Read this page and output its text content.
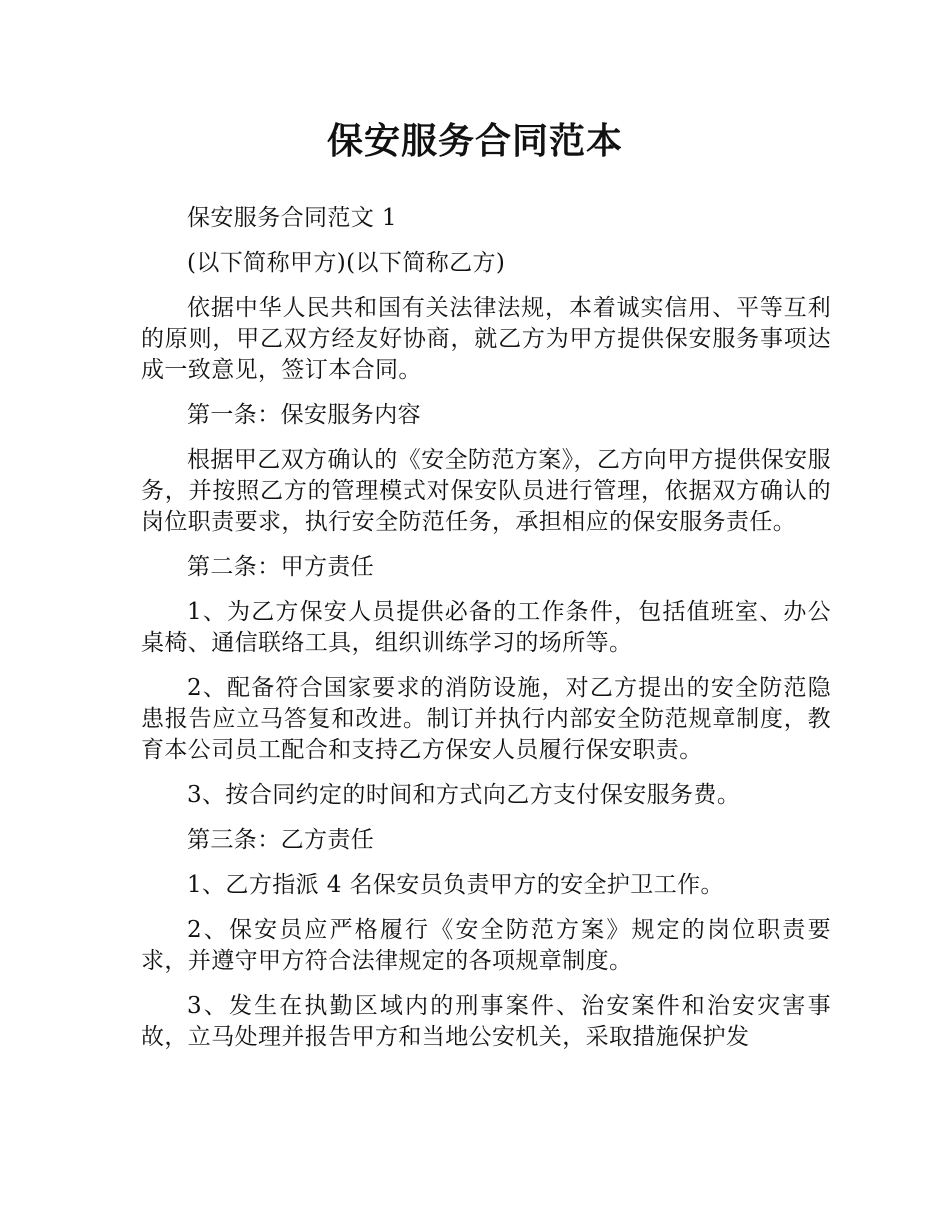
保安服务合同范本

保安服务合同范文 1

(以下简称甲方)(以下简称乙方)

依据中华人民共和国有关法律法规，本着诚实信用、平等互利的原则，甲乙双方经友好协商，就乙方为甲方提供保安服务事项达成一致意见，签订本合同。

第一条：保安服务内容

根据甲乙双方确认的《安全防范方案》，乙方向甲方提供保安服务，并按照乙方的管理模式对保安队员进行管理，依据双方确认的岗位职责要求，执行安全防范任务，承担相应的保安服务责任。

第二条：甲方责任

1、为乙方保安人员提供必备的工作条件，包括值班室、办公桌椅、通信联络工具，组织训练学习的场所等。

2、配备符合国家要求的消防设施，对乙方提出的安全防范隐患报告应立马答复和改进。制订并执行内部安全防范规章制度，教育本公司员工配合和支持乙方保安人员履行保安职责。

3、按合同约定的时间和方式向乙方支付保安服务费。

第三条：乙方责任

1、乙方指派 4 名保安员负责甲方的安全护卫工作。

2、保安员应严格履行《安全防范方案》规定的岗位职责要求，并遵守甲方符合法律规定的各项规章制度。

3、发生在执勤区域内的刑事案件、治安案件和治安灾害事故，立马处理并报告甲方和当地公安机关，采取措施保护发
